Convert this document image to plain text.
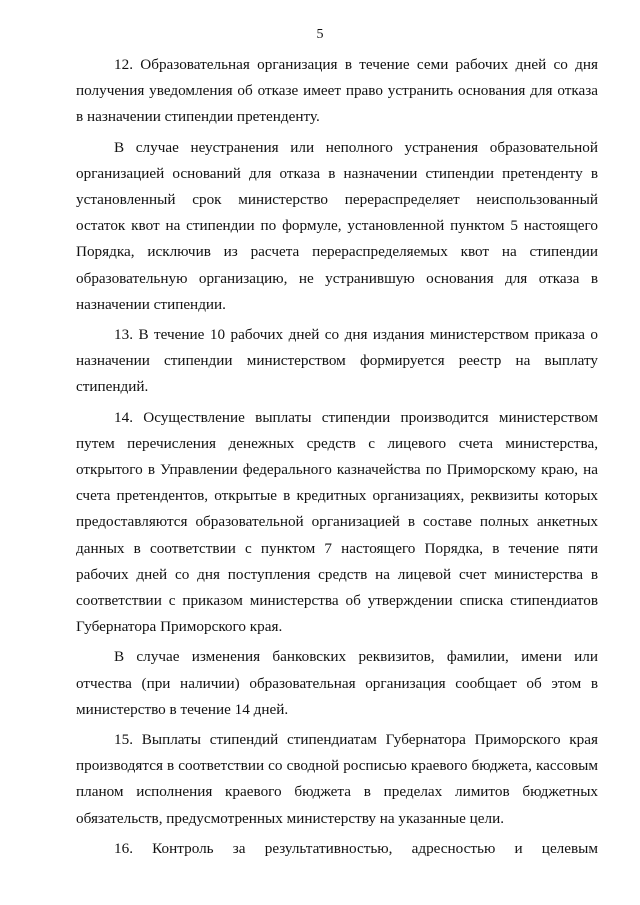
5

12. Образовательная организация в течение семи рабочих дней со дня получения уведомления об отказе имеет право устранить основания для отказа в назначении стипендии претенденту.

В случае неустранения или неполного устранения образовательной организацией оснований для отказа в назначении стипендии претенденту в установленный срок министерство перераспределяет неиспользованный остаток квот на стипендии по формуле, установленной пунктом 5 настоящего Порядка, исключив из расчета перераспределяемых квот на стипендии образовательную организацию, не устранившую основания для отказа в назначении стипендии.

13. В течение 10 рабочих дней со дня издания министерством приказа о назначении стипендии министерством формируется реестр на выплату стипендий.

14. Осуществление выплаты стипендии производится министерством путем перечисления денежных средств с лицевого счета министерства, открытого в Управлении федерального казначейства по Приморскому краю, на счета претендентов, открытые в кредитных организациях, реквизиты которых предоставляются образовательной организацией в составе полных анкетных данных в соответствии с пунктом 7 настоящего Порядка, в течение пяти рабочих дней со дня поступления средств на лицевой счет министерства в соответствии с приказом министерства об утверждении списка стипендиатов Губернатора Приморского края.

В случае изменения банковских реквизитов, фамилии, имени или отчества (при наличии) образовательная организация сообщает об этом в министерство в течение 14 дней.

15. Выплаты стипендий стипендиатам Губернатора Приморского края производятся в соответствии со сводной росписью краевого бюджета, кассовым планом исполнения краевого бюджета в пределах лимитов бюджетных обязательств, предусмотренных министерству на указанные цели.

16. Контроль за результативностью, адресностью и целевым
